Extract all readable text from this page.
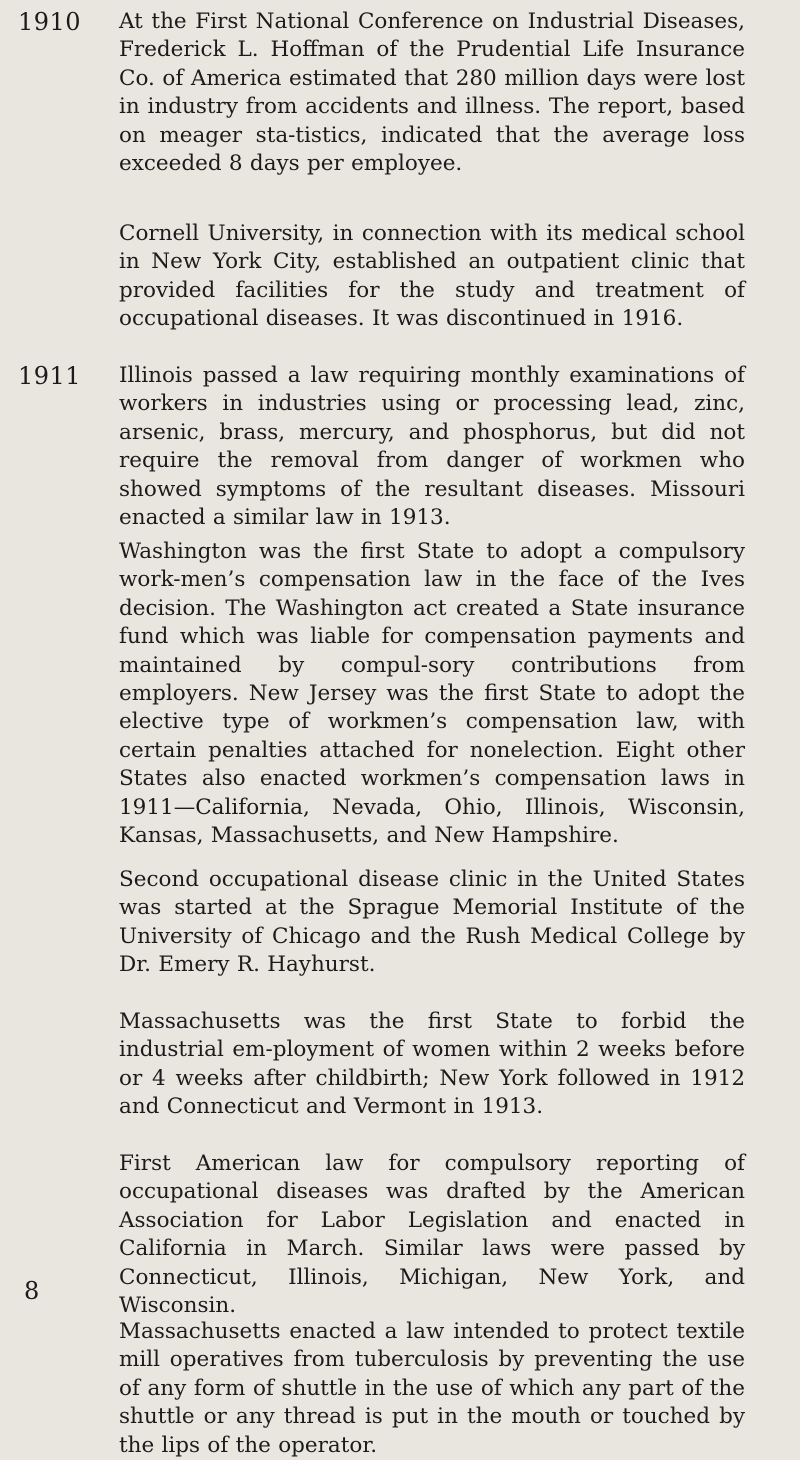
1910 At the First National Conference on Industrial Diseases, Frederick L. Hoffman of the Prudential Life Insurance Co. of America estimated that 280 million days were lost in industry from accidents and illness. The report, based on meager sta-tistics, indicated that the average loss exceeded 8 days per employee.

Cornell University, in connection with its medical school in New York City, established an outpatient clinic that provided facilities for the study and treatment of occupational diseases. It was discontinued in 1916.

1911 Illinois passed a law requiring monthly examinations of workers in industries using or processing lead, zinc, arsenic, brass, mercury, and phosphorus, but did not require the removal from danger of workmen who showed symptoms of the resultant diseases. Missouri enacted a similar law in 1913.

Washington was the first State to adopt a compulsory work-men’s compensation law in the face of the Ives decision. The Washington act created a State insurance fund which was liable for compensation payments and maintained by compul-sory contributions from employers. New Jersey was the first State to adopt the elective type of workmen’s compensation law, with certain penalties attached for nonelection. Eight other States also enacted workmen’s compensation laws in 1911—California, Nevada, Ohio, Illinois, Wisconsin, Kansas, Massachusetts, and New Hampshire.

Second occupational disease clinic in the United States was started at the Sprague Memorial Institute of the University of Chicago and the Rush Medical College by Dr. Emery R. Hayhurst.

Massachusetts was the first State to forbid the industrial em-ployment of women within 2 weeks before or 4 weeks after childbirth; New York followed in 1912 and Connecticut and Vermont in 1913.

First American law for compulsory reporting of occupational diseases was drafted by the American Association for Labor Legislation and enacted in California in March. Similar laws were passed by Connecticut, Illinois, Michigan, New York, and Wisconsin.

Massachusetts enacted a law intended to protect textile mill operatives from tuberculosis by preventing the use of any form of shuttle in the use of which any part of the shuttle or any thread is put in the mouth or touched by the lips of the operator.

8
